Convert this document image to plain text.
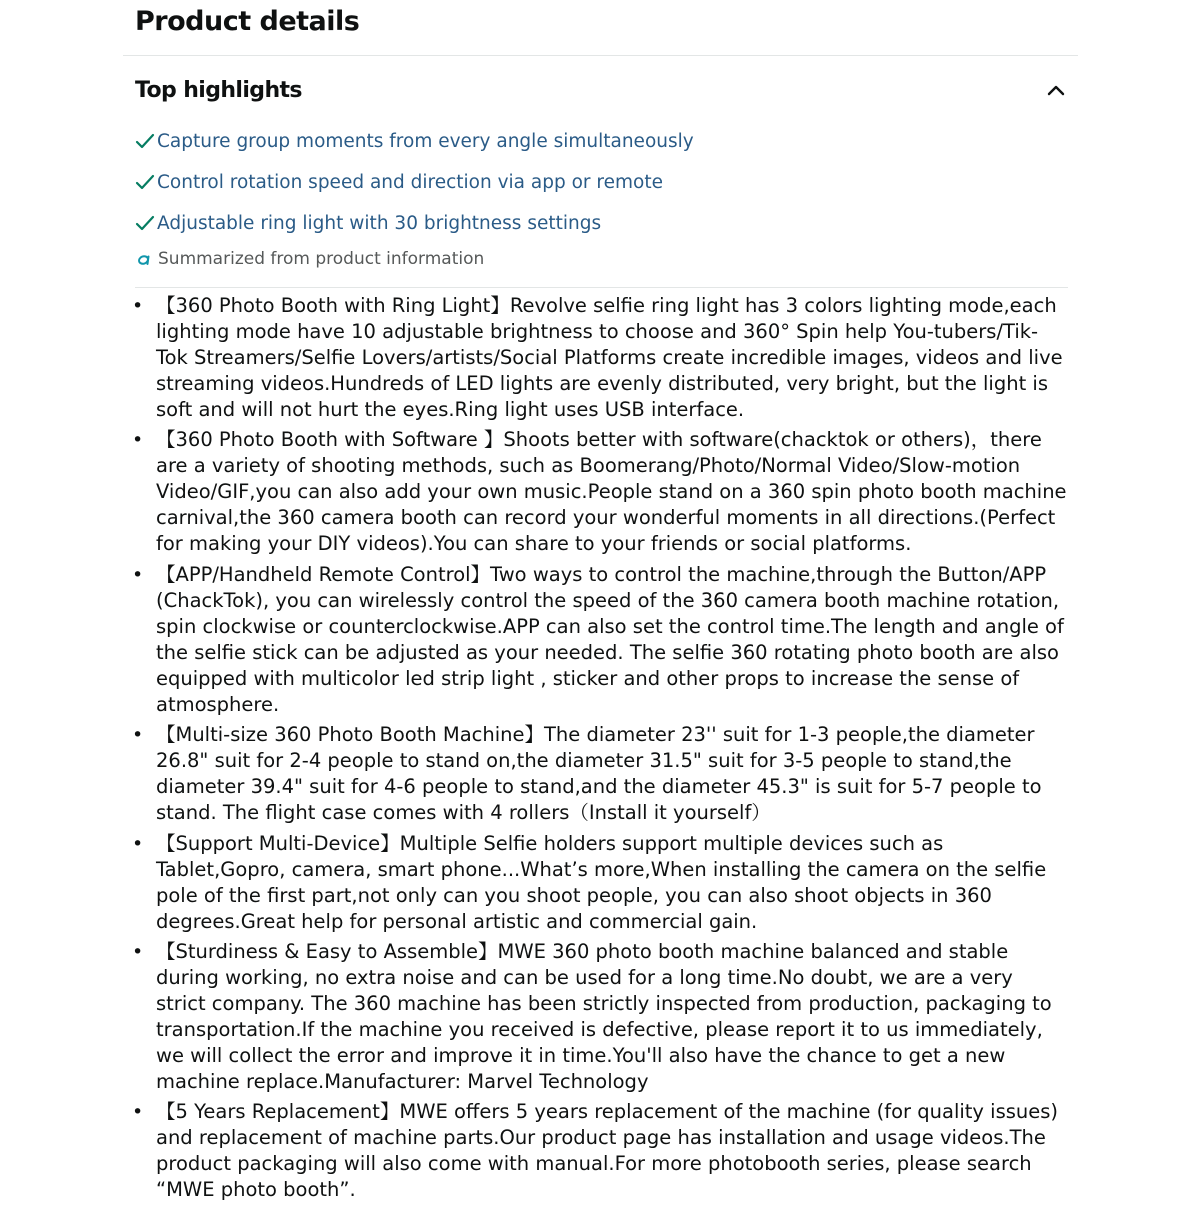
Product details
Top highlights
Capture group moments from every angle simultaneously
Control rotation speed and direction via app or remote
Adjustable ring light with 30 brightness settings
Summarized from product information
• 【360 Photo Booth with Ring Light】Revolve selfie ring light has 3 colors lighting mode,each lighting mode have 10 adjustable brightness to choose and 360° Spin help You-tubers/Tik-Tok Streamers/Selfie Lovers/artists/Social Platforms create incredible images, videos and live streaming videos.Hundreds of LED lights are evenly distributed, very bright, but the light is soft and will not hurt the eyes.Ring light uses USB interface.
• 【360 Photo Booth with Software 】Shoots better with software(chacktok or others)，there are a variety of shooting methods, such as Boomerang/Photo/Normal Video/Slow-motion Video/GIF,you can also add your own music.People stand on a 360 spin photo booth machine carnival,the 360 camera booth can record your wonderful moments in all directions.(Perfect for making your DIY videos).You can share to your friends or social platforms.
• 【APP/Handheld Remote Control】Two ways to control the machine,through the Button/APP (ChackTok), you can wirelessly control the speed of the 360 camera booth machine rotation, spin clockwise or counterclockwise.APP can also set the control time.The length and angle of the selfie stick can be adjusted as your needed. The selfie 360 rotating photo booth are also equipped with multicolor led strip light , sticker and other props to increase the sense of atmosphere.
• 【Multi-size 360 Photo Booth Machine】The diameter 23'' suit for 1-3 people,the diameter 26.8" suit for 2-4 people to stand on,the diameter 31.5" suit for 3-5 people to stand,the diameter 39.4" suit for 4-6 people to stand,and the diameter 45.3" is suit for 5-7 people to stand. The flight case comes with 4 rollers（Install it yourself）
• 【Support Multi-Device】Multiple Selfie holders support multiple devices such as Tablet,Gopro, camera, smart phone...What’s more,When installing the camera on the selfie pole of the first part,not only can you shoot people, you can also shoot objects in 360 degrees.Great help for personal artistic and commercial gain.
• 【Sturdiness & Easy to Assemble】MWE 360 photo booth machine balanced and stable during working, no extra noise and can be used for a long time.No doubt, we are a very strict company. The 360 machine has been strictly inspected from production, packaging to transportation.If the machine you received is defective, please report it to us immediately, we will collect the error and improve it in time.You'll also have the chance to get a new machine replace.Manufacturer: Marvel Technology
• 【5 Years Replacement】MWE offers 5 years replacement of the machine (for quality issues) and replacement of machine parts.Our product page has installation and usage videos.The product packaging will also come with manual.For more photobooth series, please search “MWE photo booth”.
